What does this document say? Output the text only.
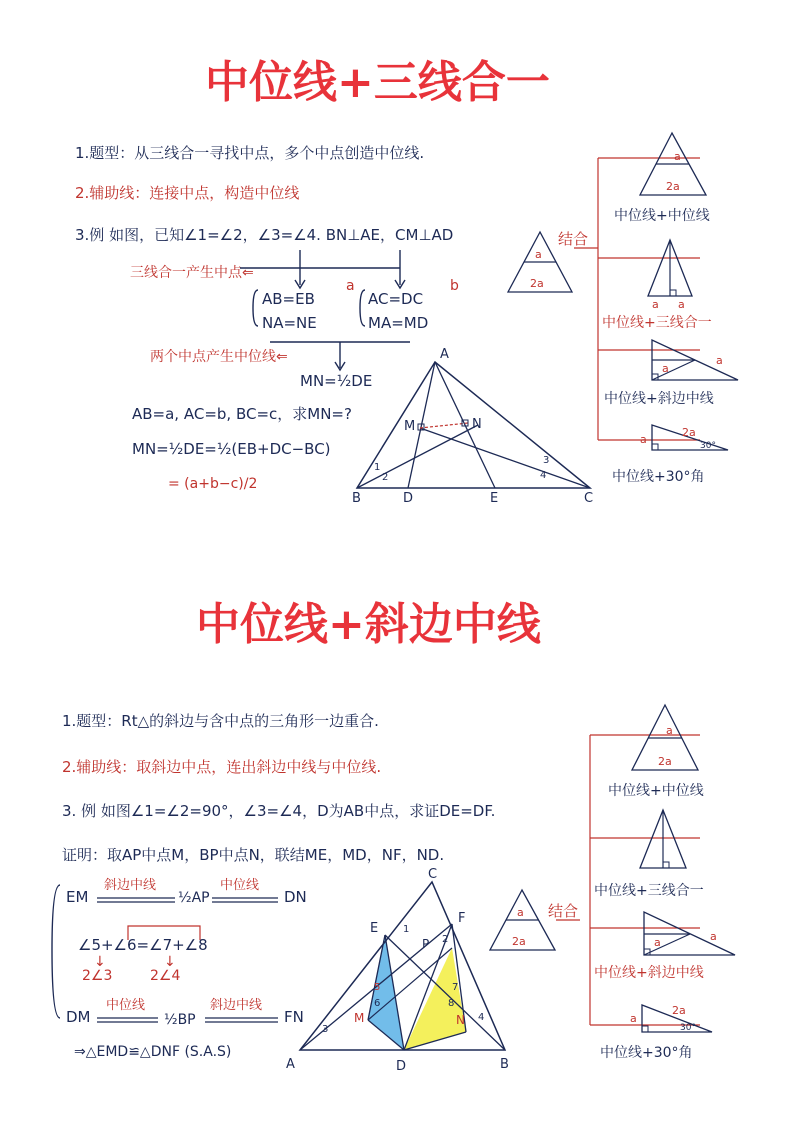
中位线+三线合一
1.题型：从三线合一寻找中点，多个中点创造中位线.
2.辅助线：连接中点，构造中位线
3.例 如图，已知∠1=∠2，∠3=∠4. BN⊥AE，CM⊥AD
三线合一产生中点⇐
AB=EB
NA=NE
AC=DC
MA=MD
a	b
两个中点产生中位线⇐
MN=½DE
AB=a, AC=b, BC=c，求MN=?
MN=½DE=½(EB+DC−BC)
= (a+b−c)/2
A
B	C
D	E
M	N
1
2
3
4
a
2a
a
2a
a a
a
a
a
2a
30°
结合
中位线+中位线
中位线+三线合一
中位线+斜边中线
中位线+30°角
中位线+斜边中线
1.题型：Rt△的斜边与含中点的三角形一边重合.
2.辅助线：取斜边中点，连出斜边中线与中位线.
3. 例 如图∠1=∠2=90°，∠3=∠4，D为AB中点，求证DE=DF.
证明：取AP中点M，BP中点N，联结ME，MD，NF，ND.
EM
斜边中线
½AP
中位线
DN
∠5+∠6=∠7+∠8
↓	↓
2∠3	2∠4
DM
中位线
½BP
斜边中线
FN
⇒△EMD≌△DNF (S.A.S)
C
A	B
D
E
F
P
M	N
1
2
3
4
5
6
7
8
a
2a
a
2a
a	a
a
2a
30°
结合
中位线+中位线
中位线+三线合一
中位线+斜边中线
中位线+30°角
